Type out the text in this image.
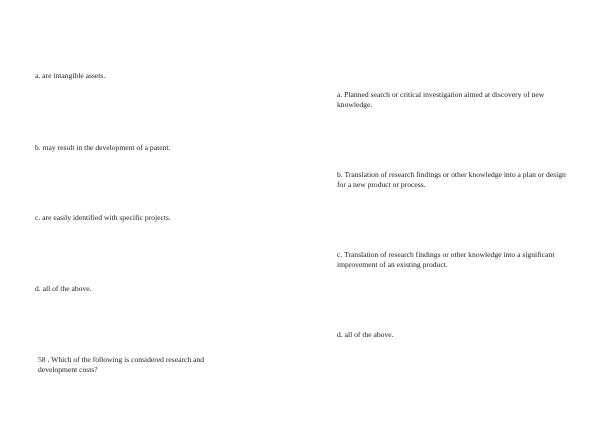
a. are intangible assets.
b. may result in the development of a patent.
c. are easily identified with specific projects.
d. all of the above.
58 . Which of the following is considered research and development costs?
a. Planned search or critical investigation aimed at discovery of new knowledge.
b. Translation of research findings or other knowledge into a plan or design for a new product or process.
c. Translation of research findings or other knowledge into a significant improvement of an existing product.
d. all of the above.
